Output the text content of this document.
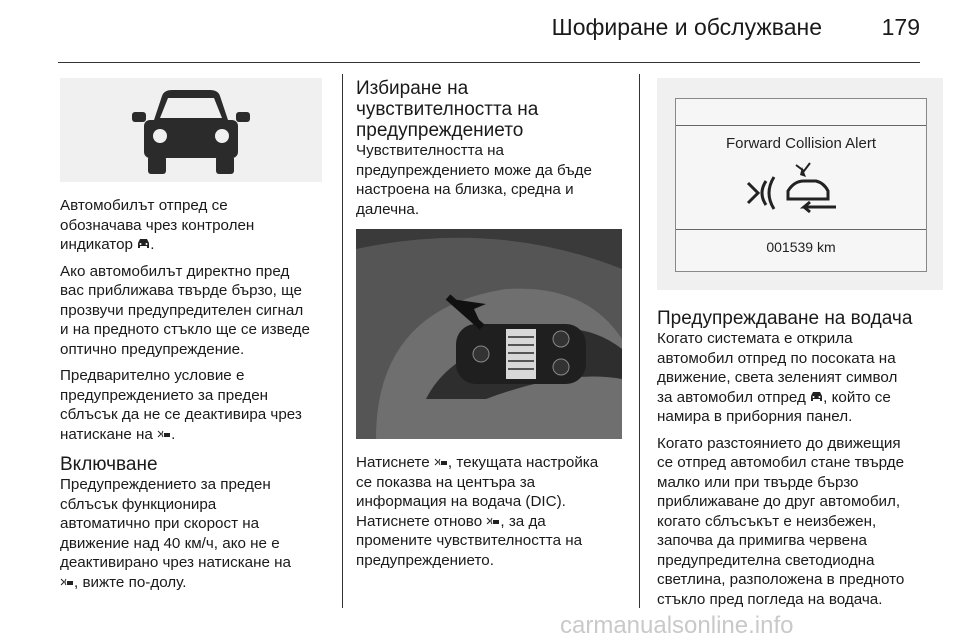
Шофиране и обслужване	179

Автомобилът отпред се
обозначава чрез контролен
индикатор .

Ако автомобилът директно пред
вас приближава твърде бързо, ще
прозвучи предупредителен сигнал
и на предното стъкло ще се изведе
оптично предупреждение.

Предварително условие е
предупреждението за преден
сблъсък да не се деактивира чрез
натискане на .

Включване

Предупреждението за преден
сблъсък функционира
автоматично при скорост на
движение над 40 км/ч, ако не е
деактивирано чрез натискане на
, вижте по-долу.

Избиране на
чувствителността на
предупреждението

Чувствителността на
предупреждението може да бъде
настроена на близка, средна и
далечна.

Натиснете , текущата настройка
се показва на центъра за
информация на водача (DIC).
Натиснете отново , за да
промените чувствителността на
предупреждението.

Forward Collision Alert
001539 km

Предупреждаване на водача

Когато системата е открила
автомобил отпред по посоката на
движение, света зеленият символ
за автомобил отпред , който се
намира в приборния панел.

Когато разстоянието до движещия
се отпред автомобил стане твърде
малко или при твърде бързо
приближаване до друг автомобил,
когато сблъсъкът е неизбежен,
започва да примигва червена
предупредителна светодиодна
светлина, разположена в предното
стъкло пред погледа на водача.

carmanualsonline.info
